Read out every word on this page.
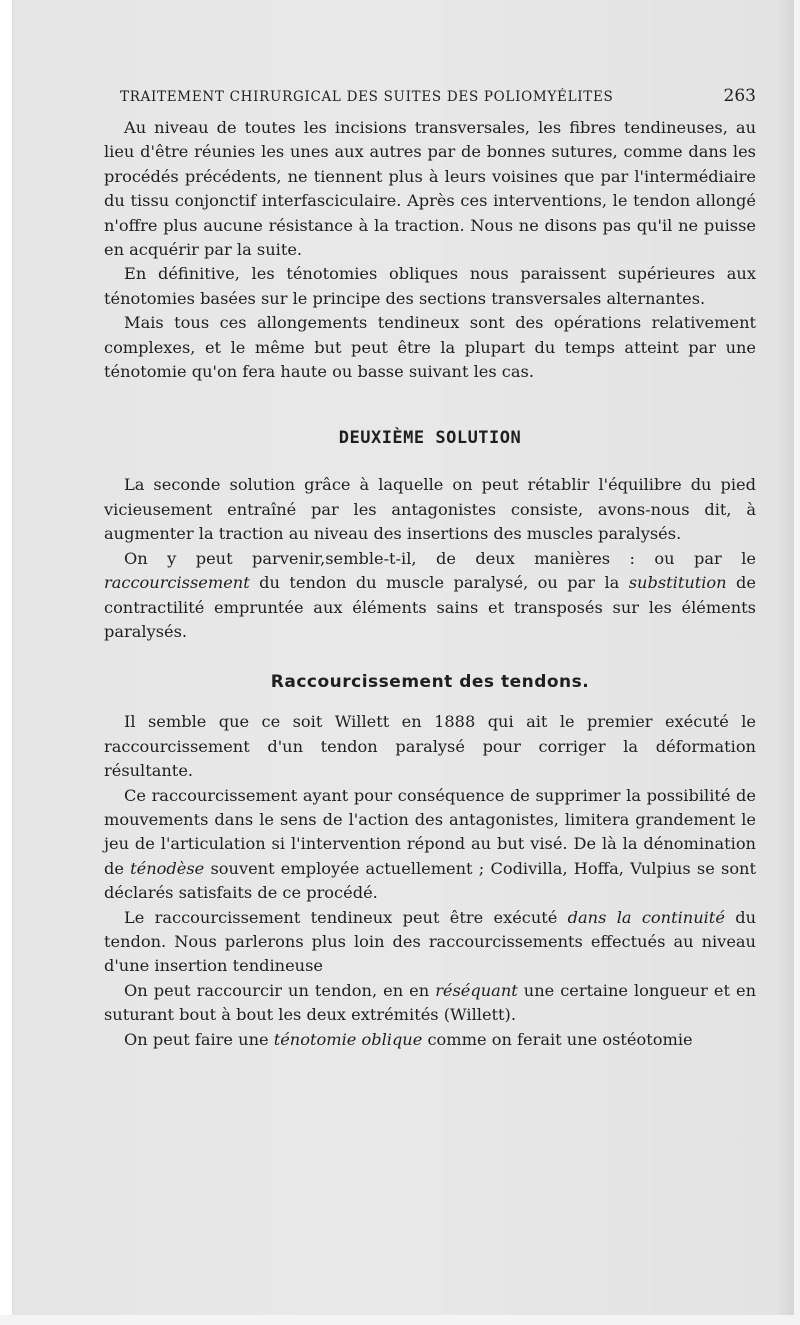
TRAITEMENT CHIRURGICAL DES SUITES DES POLIOMYÉLITES	263

Au niveau de toutes les incisions transversales, les fibres tendineuses, au lieu d'être réunies les unes aux autres par de bonnes sutures, comme dans les procédés précédents, ne tiennent plus à leurs voisines que par l'intermédiaire du tissu conjonctif interfasciculaire. Après ces interventions, le tendon allongé n'offre plus aucune résistance à la traction. Nous ne disons pas qu'il ne puisse en acquérir par la suite.

En définitive, les ténotomies obliques nous paraissent supérieures aux ténotomies basées sur le principe des sections transversales alternantes.

Mais tous ces allongements tendineux sont des opérations relativement complexes, et le même but peut être la plupart du temps atteint par une ténotomie qu'on fera haute ou basse suivant les cas.

DEUXIÈME SOLUTION

La seconde solution grâce à laquelle on peut rétablir l'équilibre du pied vicieusement entraîné par les antagonistes consiste, avons-nous dit, à augmenter la traction au niveau des insertions des muscles paralysés.

On y peut parvenir,semble-t-il, de deux manières : ou par le raccourcissement du tendon du muscle paralysé, ou par la substitution de contractilité empruntée aux éléments sains et transposés sur les éléments paralysés.

Raccourcissement des tendons.

Il semble que ce soit Willett en 1888 qui ait le premier exécuté le raccourcissement d'un tendon paralysé pour corriger la déformation résultante.

Ce raccourcissement ayant pour conséquence de supprimer la possibilité de mouvements dans le sens de l'action des antagonistes, limitera grandement le jeu de l'articulation si l'intervention répond au but visé. De là la dénomination de ténodèse souvent employée actuellement ; Codivilla, Hoffa, Vulpius se sont déclarés satisfaits de ce procédé.

Le raccourcissement tendineux peut être exécuté dans la continuité du tendon. Nous parlerons plus loin des raccourcissements effectués au niveau d'une insertion tendineuse

On peut raccourcir un tendon, en en réséquant une certaine longueur et en suturant bout à bout les deux extrémités (Willett).

On peut faire une ténotomie oblique comme on ferait une ostéotomie
